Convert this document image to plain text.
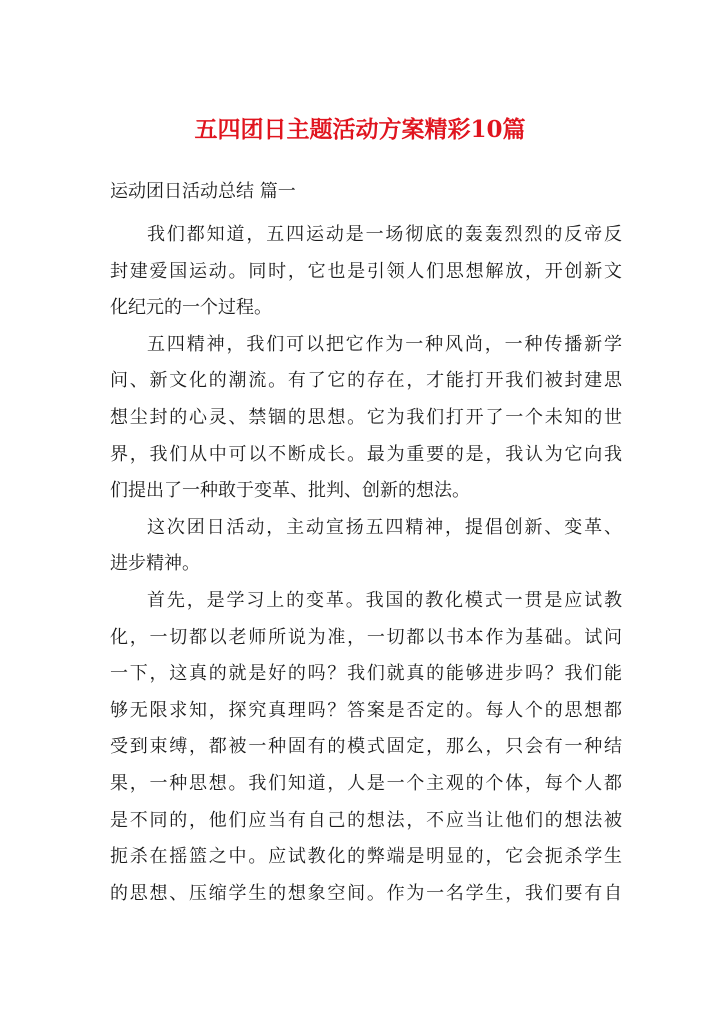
五四团日主题活动方案精彩10篇
运动团日活动总结 篇一
我们都知道，五四运动是一场彻底的轰轰烈烈的反帝反
封建爱国运动。同时，它也是引领人们思想解放，开创新文
化纪元的一个过程。
五四精神，我们可以把它作为一种风尚，一种传播新学
问、新文化的潮流。有了它的存在，才能打开我们被封建思
想尘封的心灵、禁锢的思想。它为我们打开了一个未知的世
界，我们从中可以不断成长。最为重要的是，我认为它向我
们提出了一种敢于变革、批判、创新的想法。
这次团日活动，主动宣扬五四精神，提倡创新、变革、
进步精神。
首先，是学习上的变革。我国的教化模式一贯是应试教
化，一切都以老师所说为准，一切都以书本作为基础。试问
一下，这真的就是好的吗？我们就真的能够进步吗？我们能
够无限求知，探究真理吗？答案是否定的。每人个的思想都
受到束缚，都被一种固有的模式固定，那么，只会有一种结
果，一种思想。我们知道，人是一个主观的个体，每个人都
是不同的，他们应当有自己的想法，不应当让他们的想法被
扼杀在摇篮之中。应试教化的弊端是明显的，它会扼杀学生
的思想、压缩学生的想象空间。作为一名学生，我们要有自
